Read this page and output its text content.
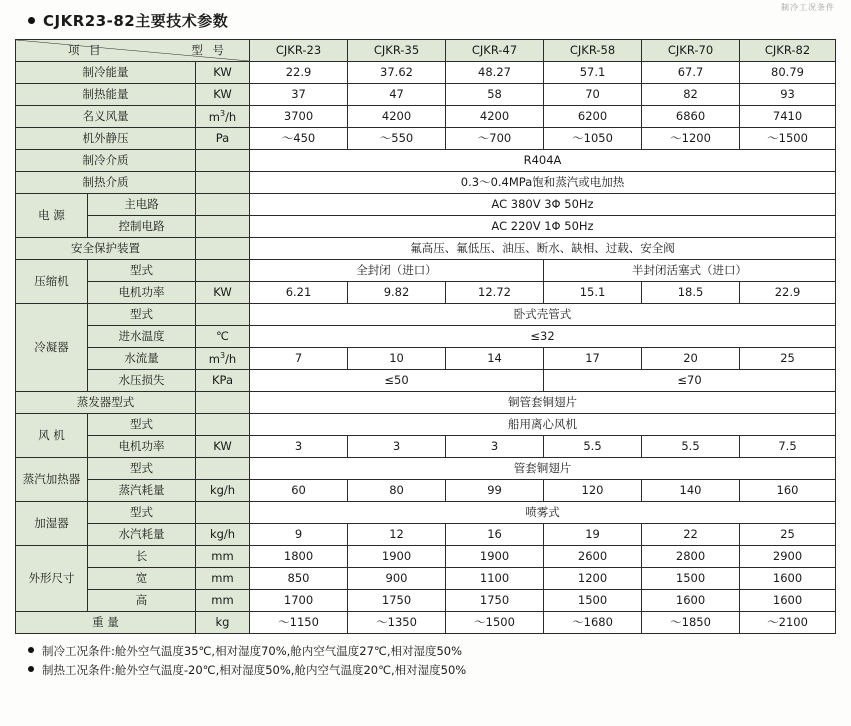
制冷工况条件
CJKR23-82主要技术参数
项 目 型 号			CJKR-23	CJKR-35	CJKR-47	CJKR-58	CJKR-70	CJKR-82
制冷能量		KW	22.9	37.62	48.27	57.1	67.7	80.79
制热能量		KW	37	47	58	70	82	93
名义风量		$m^3/h$	3700	4200	4200	6200	6860	7410
机外静压		Pa	～450	～550	～700	～1050	～1200	～1500
制冷介质			R404A					
制热介质			0.3～0.4MPa饱和蒸汽或电加热					
电 源	主电路		AC 380V 3Φ 50Hz					
	控制电路		AC 220V 1Φ 50Hz					
安全保护装置			氟高压、氟低压、油压、断水、缺相、过载、安全阀					
压缩机	型式		全封闭（进口）			半封闭活塞式（进口）		
	电机功率	KW	6.21	9.82	12.72	15.1	18.5	22.9
冷凝器	型式		卧式壳管式					
	进水温度	℃	≤32					
	水流量	$m^3/h$	7	10	14	17	20	25
	水压损失	KPa	≤50			≤70		
蒸发器型式			铜管套铜翅片					
风 机	型式		船用离心风机					
	电机功率	KW	3	3	3	5.5	5.5	7.5
蒸汽加热器	型式		管套铜翅片					
	蒸汽耗量	kg/h	60	80	99	120	140	160
加湿器	型式		喷雾式					
	水汽耗量	kg/h	9	12	16	19	22	25
外形尺寸	长	mm	1800	1900	1900	2600	2800	2900
	宽	mm	850	900	1100	1200	1500	1600
	高	mm	1700	1750	1750	1500	1600	1600
重 量		kg	～1150	～1350	～1500	～1680	～1850	～2100
制冷工况条件:舱外空气温度35℃,相对湿度70%,舱内空气温度27℃,相对湿度50%
制热工况条件:舱外空气温度-20℃,相对湿度50%,舱内空气温度20℃,相对湿度50%
